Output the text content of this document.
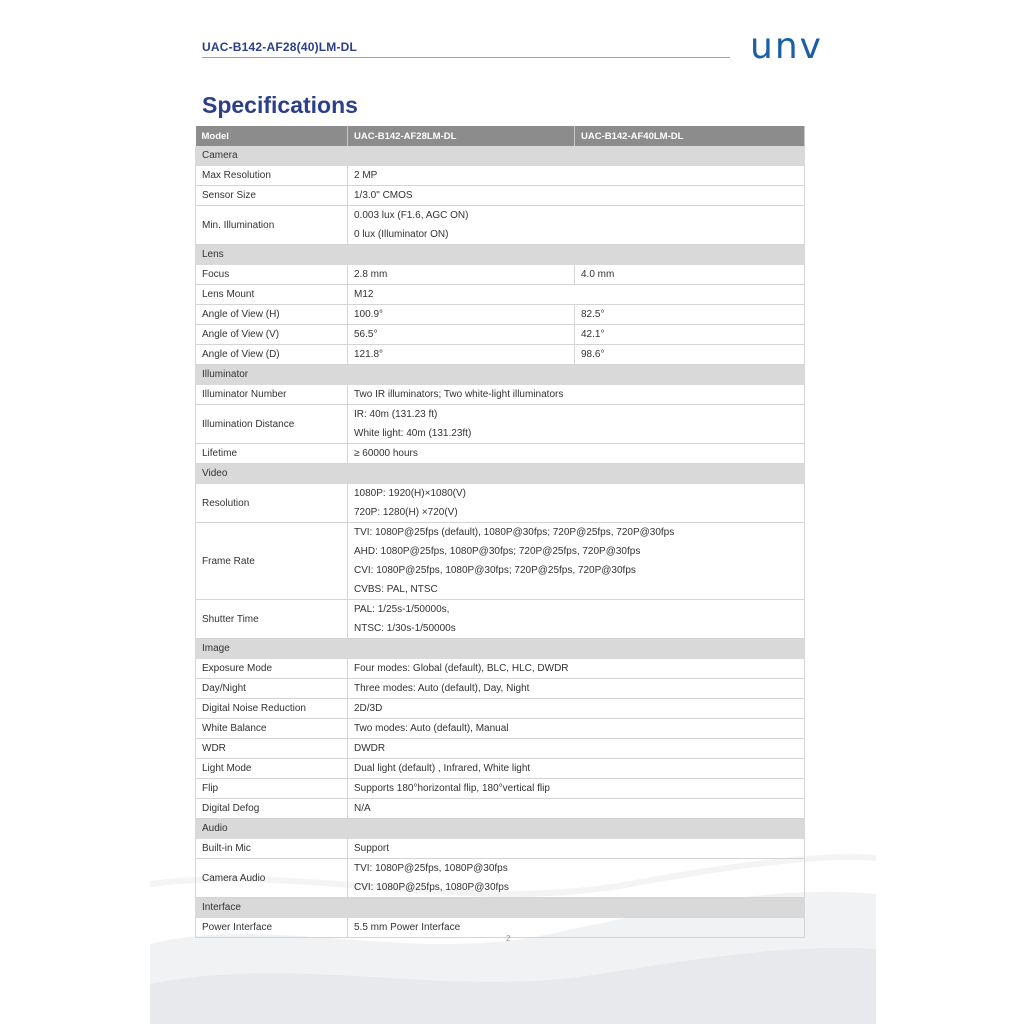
UAC-B142-AF28(40)LM-DL	unv
Specifications
Model	UAC-B142-AF28LM-DL	UAC-B142-AF40LM-DL
Camera		
Max Resolution	2 MP	

Sensor Size	1/3.0" CMOS	

Min. Illumination	0.003 lux (F1.6, AGC ON)
0 lux (Illuminator ON)	

Lens		
Focus	2.8 mm	4.0 mm
Lens Mount	M12	

Angle of View (H)	100.9°	82.5°
Angle of View (V)	56.5°	42.1°
Angle of View (D)	121.8°	98.6°
Illuminator		
Illuminator Number	Two IR illuminators; Two white-light illuminators	

Illumination Distance	IR: 40m (131.23 ft)
White light: 40m (131.23ft)	

Lifetime	≥ 60000 hours	

Video		
Resolution	1080P: 1920(H)×1080(V)
720P: 1280(H) ×720(V)	

Frame Rate	TVI: 1080P@25fps (default), 1080P@30fps; 720P@25fps, 720P@30fps
AHD: 1080P@25fps, 1080P@30fps; 720P@25fps, 720P@30fps
CVI: 1080P@25fps, 1080P@30fps; 720P@25fps, 720P@30fps
CVBS: PAL, NTSC	

Shutter Time	PAL: 1/25s-1/50000s,
NTSC: 1/30s-1/50000s	

Image		
Exposure Mode	Four modes: Global (default), BLC, HLC, DWDR	

Day/Night	Three modes: Auto (default), Day, Night	

Digital Noise Reduction	2D/3D	

White Balance	Two modes: Auto (default), Manual	

WDR	DWDR	

Light Mode	Dual light (default) , Infrared, White light	

Flip	Supports 180°horizontal flip, 180°vertical flip	

Digital Defog	N/A	

Audio		
Built-in Mic	Support	

Camera Audio	TVI: 1080P@25fps, 1080P@30fps
CVI: 1080P@25fps, 1080P@30fps	

Interface		
Power Interface	5.5 mm Power Interface	
2
